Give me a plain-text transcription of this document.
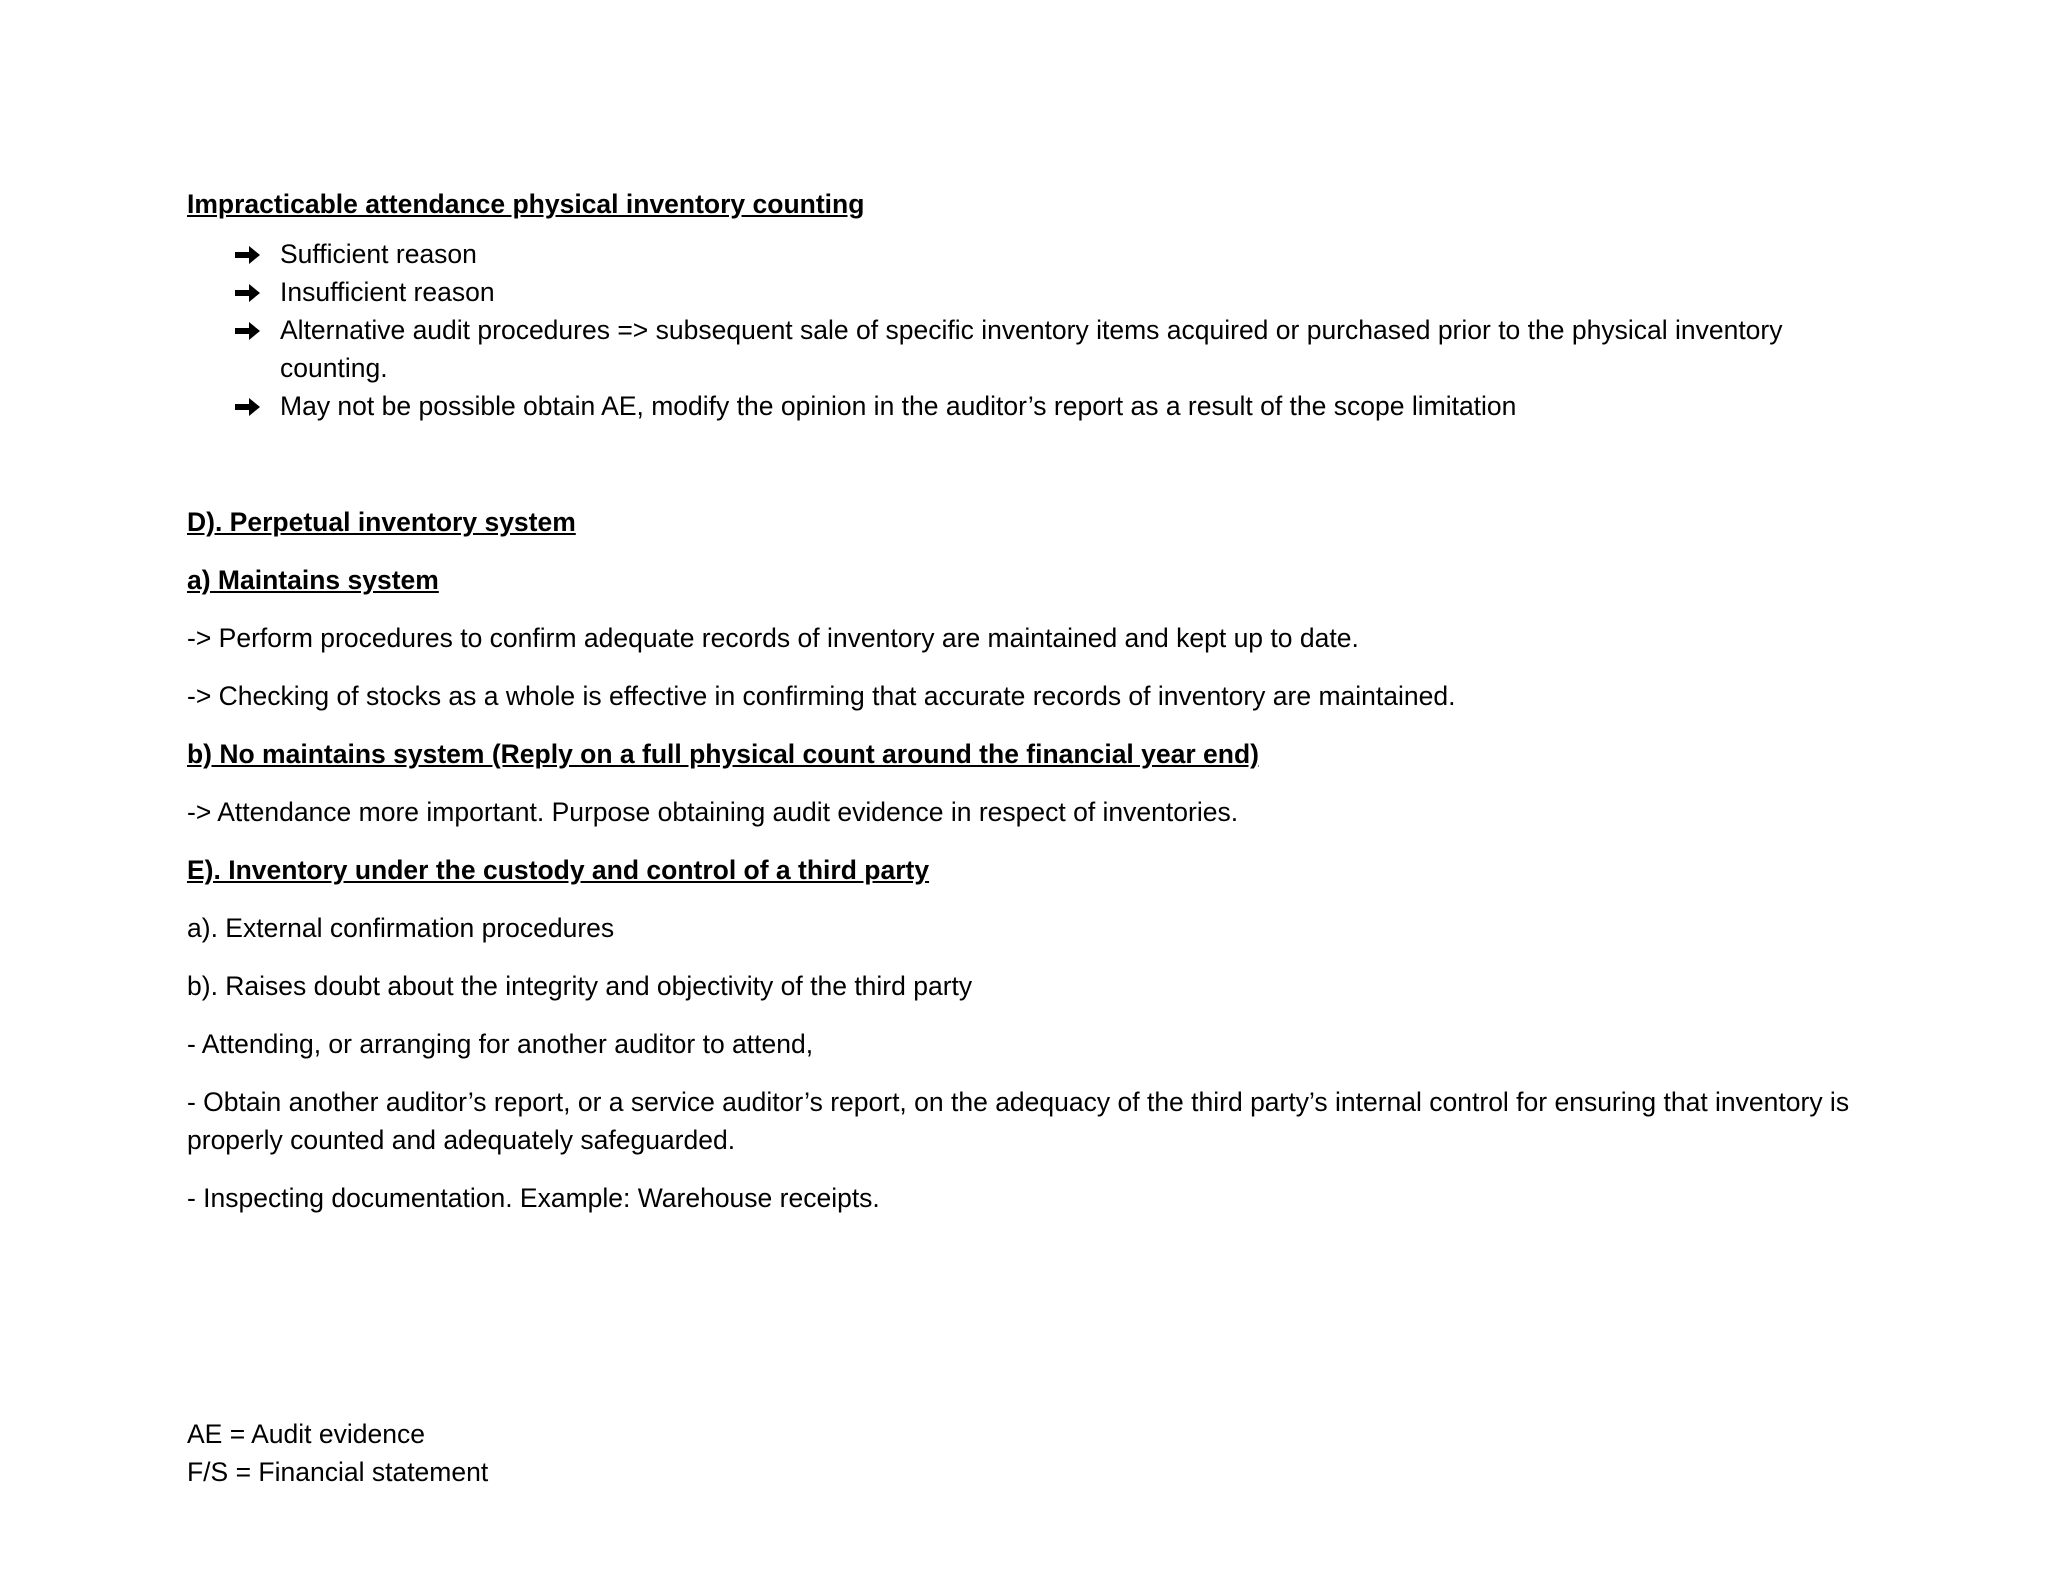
Impracticable attendance physical inventory counting

Sufficient reason
Insufficient reason
Alternative audit procedures => subsequent sale of specific inventory items acquired or purchased prior to the physical inventory counting.
May not be possible obtain AE, modify the opinion in the auditor’s report as a result of the scope limitation

D). Perpetual inventory system

a) Maintains system

-> Perform procedures to confirm adequate records of inventory are maintained and kept up to date.

-> Checking of stocks as a whole is effective in confirming that accurate records of inventory are maintained.

b) No maintains system (Reply on a full physical count around the financial year end)

-> Attendance more important. Purpose obtaining audit evidence in respect of inventories.

E). Inventory under the custody and control of a third party

a). External confirmation procedures

b). Raises doubt about the integrity and objectivity of the third party

- Attending, or arranging for another auditor to attend,

- Obtain another auditor’s report, or a service auditor’s report, on the adequacy of the third party’s internal control for ensuring that inventory is properly counted and adequately safeguarded.

- Inspecting documentation. Example: Warehouse receipts.

AE = Audit evidence

F/S = Financial statement
